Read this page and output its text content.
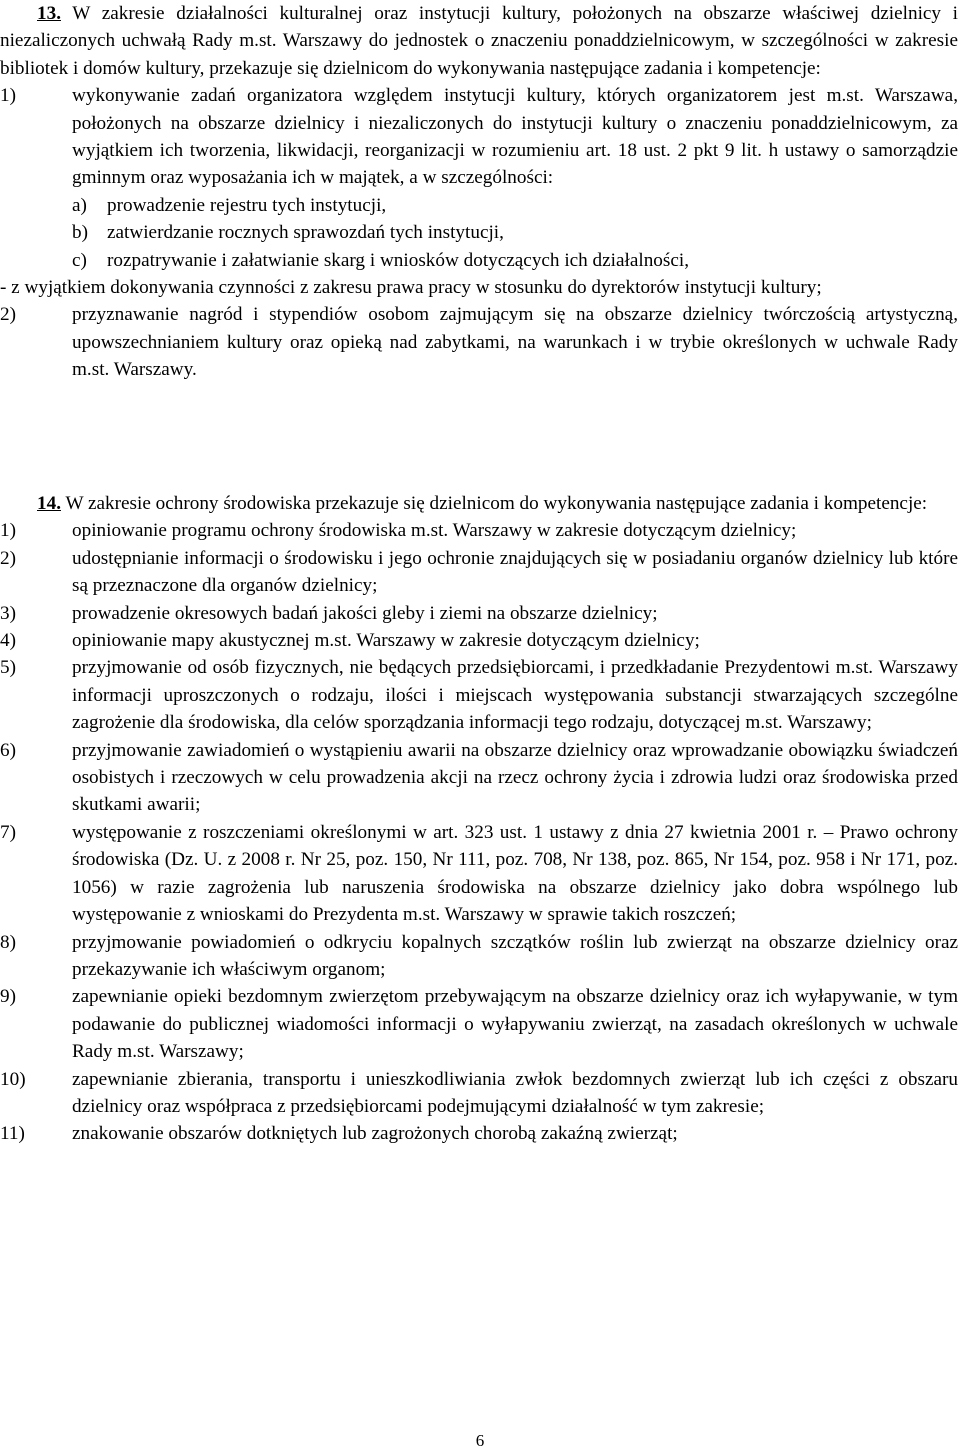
13. W zakresie działalności kulturalnej oraz instytucji kultury, położonych na obszarze właściwej dzielnicy i niezaliczonych uchwałą Rady m.st. Warszawy do jednostek o znaczeniu ponaddzielnicowym, w szczególności w zakresie bibliotek i domów kultury, przekazuje się dzielnicom do wykonywania następujące zadania i kompetencje:
1)	wykonywanie zadań organizatora względem instytucji kultury, których organizatorem jest m.st. Warszawa, położonych na obszarze dzielnicy i niezaliczonych do instytucji kultury o znaczeniu ponaddzielnicowym, za wyjątkiem ich tworzenia, likwidacji, reorganizacji w rozumieniu art. 18 ust. 2 pkt 9 lit. h ustawy o samorządzie gminnym oraz wyposażania ich w majątek, a w szczególności:
a) prowadzenie rejestru tych instytucji,
b) zatwierdzanie rocznych sprawozdań tych instytucji,
c) rozpatrywanie i załatwianie skarg i wniosków dotyczących ich działalności,
- z wyjątkiem dokonywania czynności z zakresu prawa pracy w stosunku do dyrektorów instytucji kultury;
2)	przyznawanie nagród i stypendiów osobom zajmującym się na obszarze dzielnicy twórczością artystyczną, upowszechnianiem kultury oraz opieką nad zabytkami, na warunkach i w trybie określonych w uchwale Rady m.st. Warszawy.
14. W zakresie ochrony środowiska przekazuje się dzielnicom do wykonywania następujące zadania i kompetencje:
1)	opiniowanie programu ochrony środowiska m.st. Warszawy w zakresie dotyczącym dzielnicy;
2)	udostępnianie informacji o środowisku i jego ochronie znajdujących się w posiadaniu organów dzielnicy lub które są przeznaczone dla organów dzielnicy;
3)	prowadzenie okresowych badań jakości gleby i ziemi na obszarze dzielnicy;
4)	opiniowanie mapy akustycznej m.st. Warszawy w zakresie dotyczącym dzielnicy;
5)	przyjmowanie od osób fizycznych, nie będących przedsiębiorcami, i przedkładanie Prezydentowi m.st. Warszawy informacji uproszczonych o rodzaju, ilości i miejscach występowania substancji stwarzających szczególne zagrożenie dla środowiska, dla celów sporządzania informacji tego rodzaju, dotyczącej m.st. Warszawy;
6)	przyjmowanie zawiadomień o wystąpieniu awarii na obszarze dzielnicy oraz wprowadzanie obowiązku świadczeń osobistych i rzeczowych w celu prowadzenia akcji na rzecz ochrony życia i zdrowia ludzi oraz środowiska przed skutkami awarii;
7)	występowanie z roszczeniami określonymi w art. 323 ust. 1 ustawy z dnia 27 kwietnia 2001 r. – Prawo ochrony środowiska (Dz. U. z 2008 r. Nr 25, poz. 150, Nr 111, poz. 708, Nr 138, poz. 865, Nr 154, poz. 958 i Nr 171, poz. 1056) w razie zagrożenia lub naruszenia środowiska na obszarze dzielnicy jako dobra wspólnego lub występowanie z wnioskami do Prezydenta m.st. Warszawy w sprawie takich roszczeń;
8)	przyjmowanie powiadomień o odkryciu kopalnych szczątków roślin lub zwierząt na obszarze dzielnicy oraz przekazywanie ich właściwym organom;
9)	zapewnianie opieki bezdomnym zwierzętom przebywającym na obszarze dzielnicy oraz ich wyłapywanie, w tym podawanie do publicznej wiadomości informacji o wyłapywaniu zwierząt, na zasadach określonych w uchwale Rady m.st. Warszawy;
10) zapewnianie zbierania, transportu i unieszkodliwiania zwłok bezdomnych zwierząt lub ich części z obszaru dzielnicy oraz współpraca z przedsiębiorcami podejmującymi działalność w tym zakresie;
11) znakowanie obszarów dotkniętych lub zagrożonych chorobą zakaźną zwierząt;
6
